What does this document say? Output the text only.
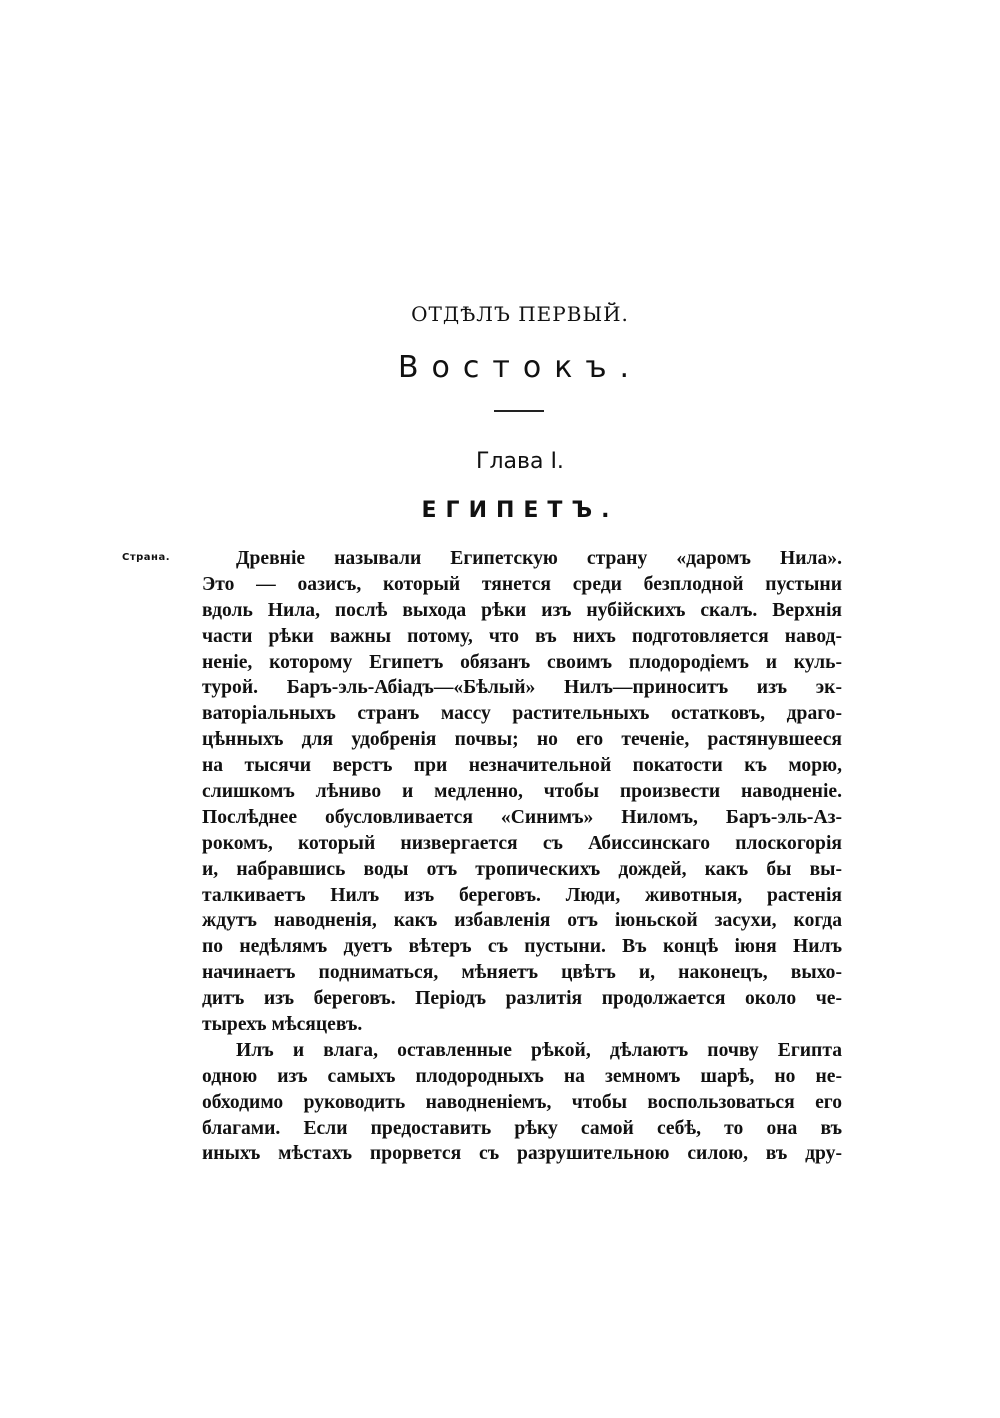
ОТДѢЛЪ ПЕРВЫЙ.
Востокъ.
Глава I.
ЕГИПЕТЪ.
Страна.	Древніе называли Египетскую страну «даромъ Нила».
Это — оазисъ, который тянется среди безплодной пустыни
вдоль Нила, послѣ выхода рѣки изъ нубійскихъ скалъ. Верхнія
части рѣки важны потому, что въ нихъ подготовляется навод-
неніе, которому Египетъ обязанъ своимъ плодородіемъ и куль-
турой. Баръ-эль-Абіадъ—«Бѣлый» Нилъ—приноситъ изъ эк-
ваторіальныхъ странъ массу растительныхъ остатковъ, драго-
цѣнныхъ для удобренія почвы; но его теченіе, растянувшееся
на тысячи верстъ при незначительной покатости къ морю,
слишкомъ лѣниво и медленно, чтобы произвести наводненіе.
Послѣднее обусловливается «Синимъ» Ниломъ, Баръ-эль-Аз-
рокомъ, который низвергается съ Абиссинскаго плоскогорія
и, набравшись воды отъ тропическихъ дождей, какъ бы вы-
талкиваетъ Нилъ изъ береговъ. Люди, животныя, растенія
ждутъ наводненія, какъ избавленія отъ іюньской засухи, когда
по недѣлямъ дуетъ вѣтеръ съ пустыни. Въ концѣ іюня Нилъ
начинаетъ подниматься, мѣняетъ цвѣтъ и, наконецъ, выхо-
дитъ изъ береговъ. Періодъ разлитія продолжается около че-
тырехъ мѣсяцевъ.
Илъ и влага, оставленные рѣкой, дѣлаютъ почву Египта
одною изъ самыхъ плодородныхъ на земномъ шарѣ, но не-
обходимо руководить наводненіемъ, чтобы воспользоваться его
благами. Если предоставить рѣку самой себѣ, то она въ
иныхъ мѣстахъ прорвется съ разрушительною силою, въ дру-
